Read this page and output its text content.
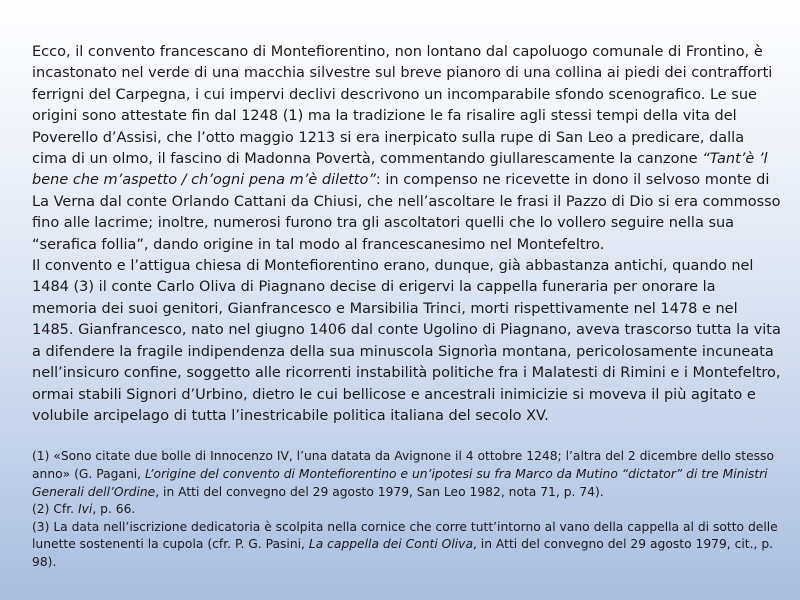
Ecco, il convento francescano di Montefiorentino, non lontano dal capoluogo comunale di Frontino, è incastonato nel verde di una macchia silvestre sul breve pianoro di una collina ai piedi dei contrafforti ferrigni del Carpegna, i cui impervi declivi descrivono un incomparabile sfondo scenografico. Le sue origini sono attestate fin dal 1248 (1) ma la tradizione le fa risalire agli stessi tempi della vita del Poverello d’Assisi, che l’otto maggio 1213 si era inerpicato sulla rupe di San Leo a predicare, dalla cima di un olmo, il fascino di Madonna Povertà, commentando giullarescamente la canzone “Tant’è ’l bene che m’aspetto / ch’ogni pena m’è diletto”: in compenso ne ricevette in dono il selvoso monte di La Verna dal conte Orlando Cattani da Chiusi, che nell’ascoltare le frasi il Pazzo di Dio si era commosso fino alle lacrime; inoltre, numerosi furono tra gli ascoltatori quelli che lo vollero seguire nella sua “serafica follia”, dando origine in tal modo al francescanesimo nel Montefeltro.

Il convento e l’attigua chiesa di Montefiorentino erano, dunque, già abbastanza antichi, quando nel 1484 (3) il conte Carlo Oliva di Piagnano decise di erigervi la cappella funeraria per onorare la memoria dei suoi genitori, Gianfrancesco e Marsibilia Trinci, morti rispettivamente nel 1478 e nel 1485. Gianfrancesco, nato nel giugno 1406 dal conte Ugolino di Piagnano, aveva trascorso tutta la vita a difendere la fragile indipendenza della sua minuscola Signorìa montana, pericolosamente incuneata nell’insicuro confine, soggetto alle ricorrenti instabilità politiche fra i Malatesti di Rimini e i Montefeltro, ormai stabili Signori d’Urbino, dietro le cui bellicose e ancestrali inimicizie si moveva il più agitato e volubile arcipelago di tutta l’inestricabile politica italiana del secolo XV.

(1) «Sono citate due bolle di Innocenzo IV, l’una datata da Avignone il 4 ottobre 1248; l’altra del 2 dicembre dello stesso anno» (G. Pagani, L’origine del convento di Montefiorentino e un’ipotesi su fra Marco da Mutino “dictator” di tre Ministri Generali dell’Ordine, in Atti del convegno del 29 agosto 1979, San Leo 1982, nota 71, p. 74).

(2) Cfr. Ivi, p. 66.

(3) La data nell’iscrizione dedicatoria è scolpita nella cornice che corre tutt’intorno al vano della cappella al di sotto delle lunette sostenenti la cupola (cfr. P. G. Pasini, La cappella dei Conti Oliva, in Atti del convegno del 29 agosto 1979, cit., p. 98).
